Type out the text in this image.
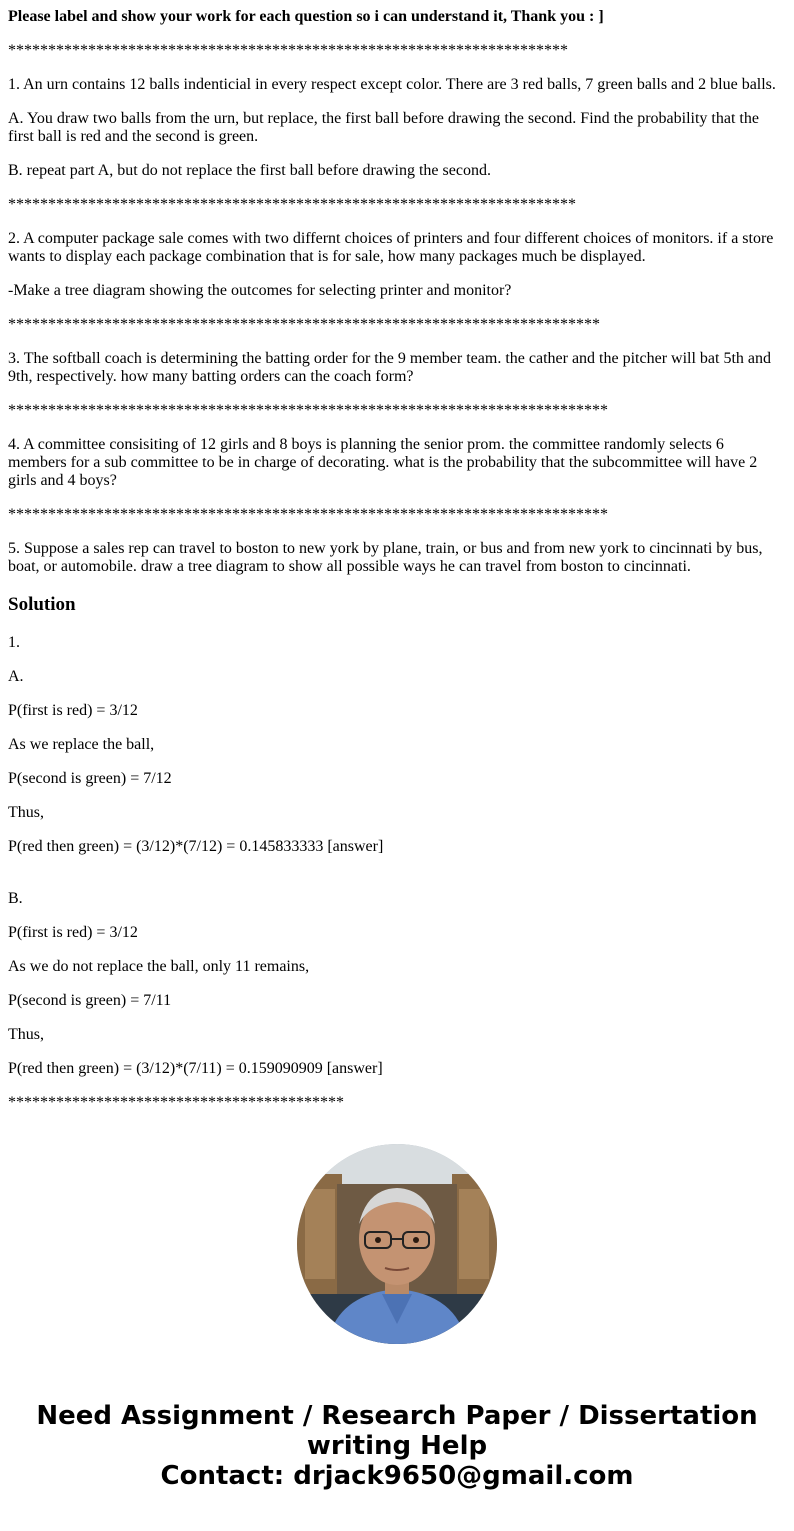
Please label and show your work for each question so i can understand it, Thank you : ]
**********************************************************************

1. An urn contains 12 balls indenticial in every respect except color. There are 3 red balls, 7 green balls and 2 blue balls.

A. You draw two balls from the urn, but replace, the first ball before drawing the second. Find the probability that the first ball is red and the second is green.

B. repeat part A, but do not replace the first ball before drawing the second.

***********************************************************************

2. A computer package sale comes with two differnt choices of printers and four different choices of monitors. if a store wants to display each package combination that is for sale, how many packages much be displayed.

-Make a tree diagram showing the outcomes for selecting printer and monitor?

**************************************************************************

3. The softball coach is determining the batting order for the 9 member team. the cather and the pitcher will bat 5th and 9th, respectively. how many batting orders can the coach form?

***************************************************************************

4. A committee consisiting of 12 girls and 8 boys is planning the senior prom. the committee randomly selects 6 members for a sub committee to be in charge of decorating. what is the probability that the subcommittee will have 2 girls and 4 boys?

***************************************************************************

5. Suppose a sales rep can travel to boston to new york by plane, train, or bus and from new york to cincinnati by bus, boat, or automobile. draw a tree diagram to show all possible ways he can travel from boston to cincinnati.

Solution

1.

A.

P(first is red) = 3/12

As we replace the ball,

P(second is green) = 7/12

Thus,

P(red then green) = (3/12)*(7/12) = 0.145833333 [answer]

B.

P(first is red) = 3/12

As we do not replace the ball, only 11 remains,

P(second is green) = 7/11

Thus,

P(red then green) = (3/12)*(7/11) = 0.159090909 [answer]

******************************************
Need Assignment / Research Paper / Dissertation
writing Help
Contact: drjack9650@gmail.com
